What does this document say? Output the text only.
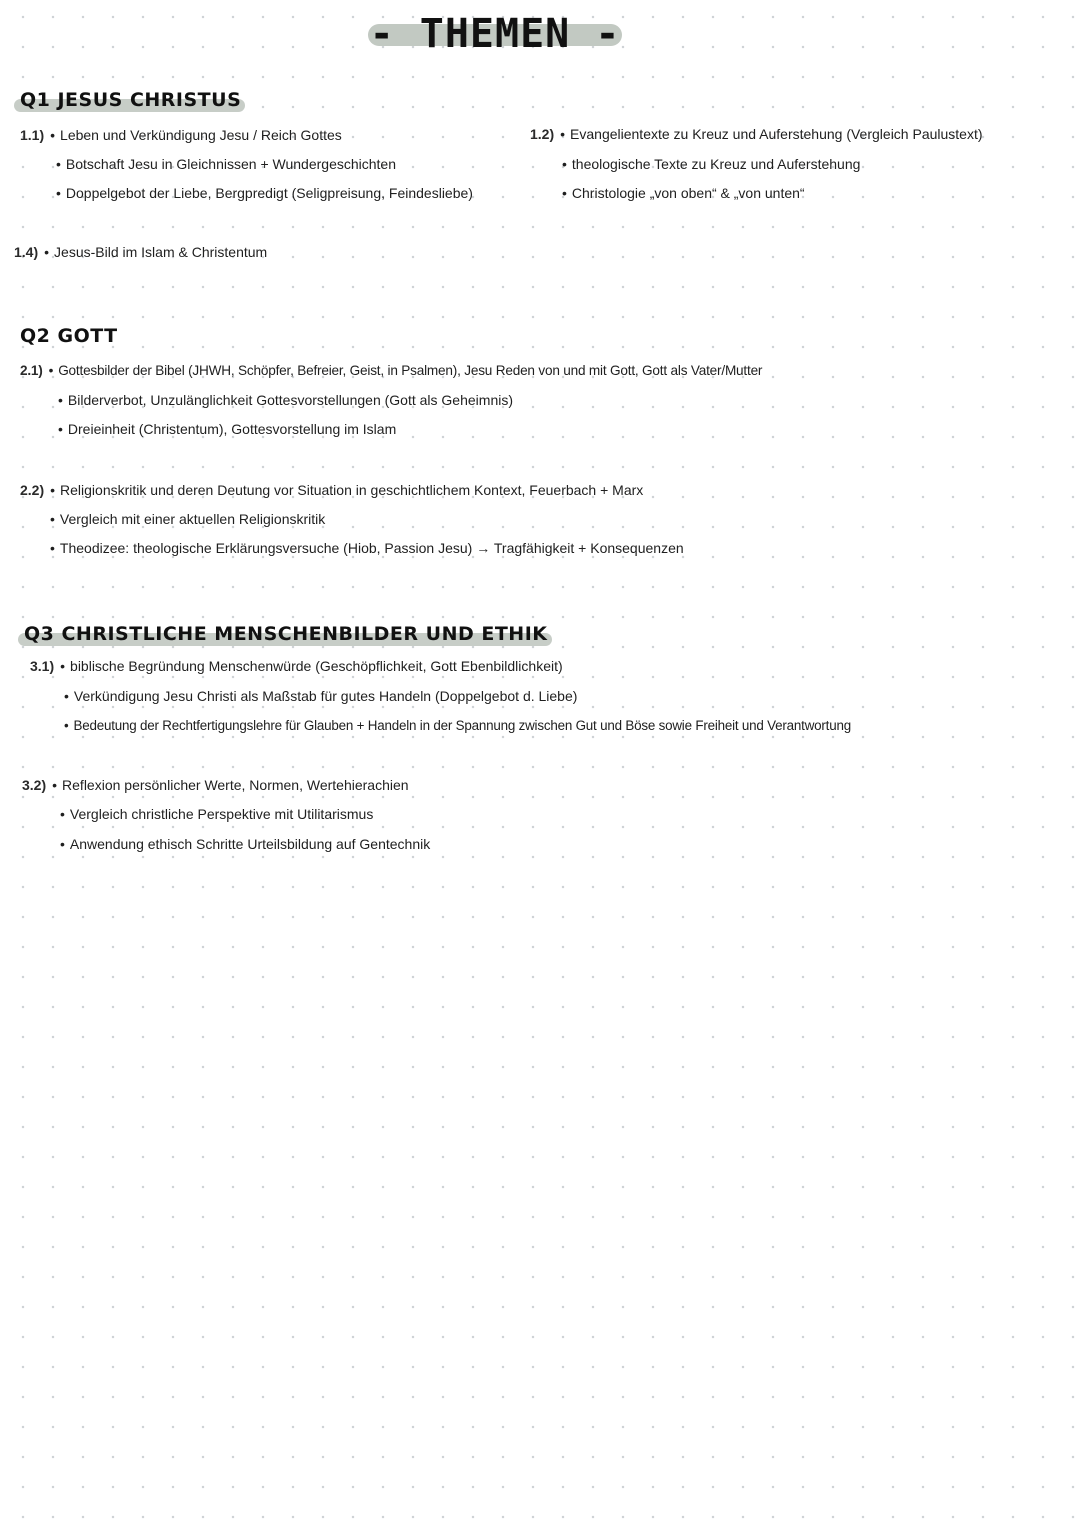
- THEMEN -
Q1 JESUS CHRISTUS
1.1) • Leben und Verkündigung Jesu / Reich Gottes
• Botschaft Jesu in Gleichnissen + Wundergeschichten
• Doppelgebot der Liebe, Bergpredigt (Seligpreisung, Feindesliebe)
1.2) • Evangelientexte zu Kreuz und Auferstehung (Vergleich Paulustext)
• theologische Texte zu Kreuz und Auferstehung
• Christologie „von oben“ & „von unten“
1.4) • Jesus-Bild im Islam & Christentum
Q2 GOTT
2.1) • Gottesbilder der Bibel (JHWH, Schöpfer, Befreier, Geist, in Psalmen), Jesu Reden von und mit Gott, Gott als Vater/Mutter
• Bilderverbot, Unzulänglichkeit Gottesvorstellungen (Gott als Geheimnis)
• Dreieinheit (Christentum), Gottesvorstellung im Islam
2.2) • Religionskritik und deren Deutung vor Situation in geschichtlichem Kontext, Feuerbach + Marx
• Vergleich mit einer aktuellen Religionskritik
• Theodizee: theologische Erklärungsversuche (Hiob, Passion Jesu) → Tragfähigkeit + Konsequenzen
Q3 CHRISTLICHE MENSCHENBILDER UND ETHIK
3.1) • biblische Begründung Menschenwürde (Geschöpflichkeit, Gott Ebenbildlichkeit)
• Verkündigung Jesu Christi als Maßstab für gutes Handeln (Doppelgebot d. Liebe)
• Bedeutung der Rechtfertigungslehre für Glauben + Handeln in der Spannung zwischen Gut und Böse sowie Freiheit und Verantwortung
3.2) • Reflexion persönlicher Werte, Normen, Wertehierachien
• Vergleich christliche Perspektive mit Utilitarismus
• Anwendung ethisch Schritte Urteilsbildung auf Gentechnik
